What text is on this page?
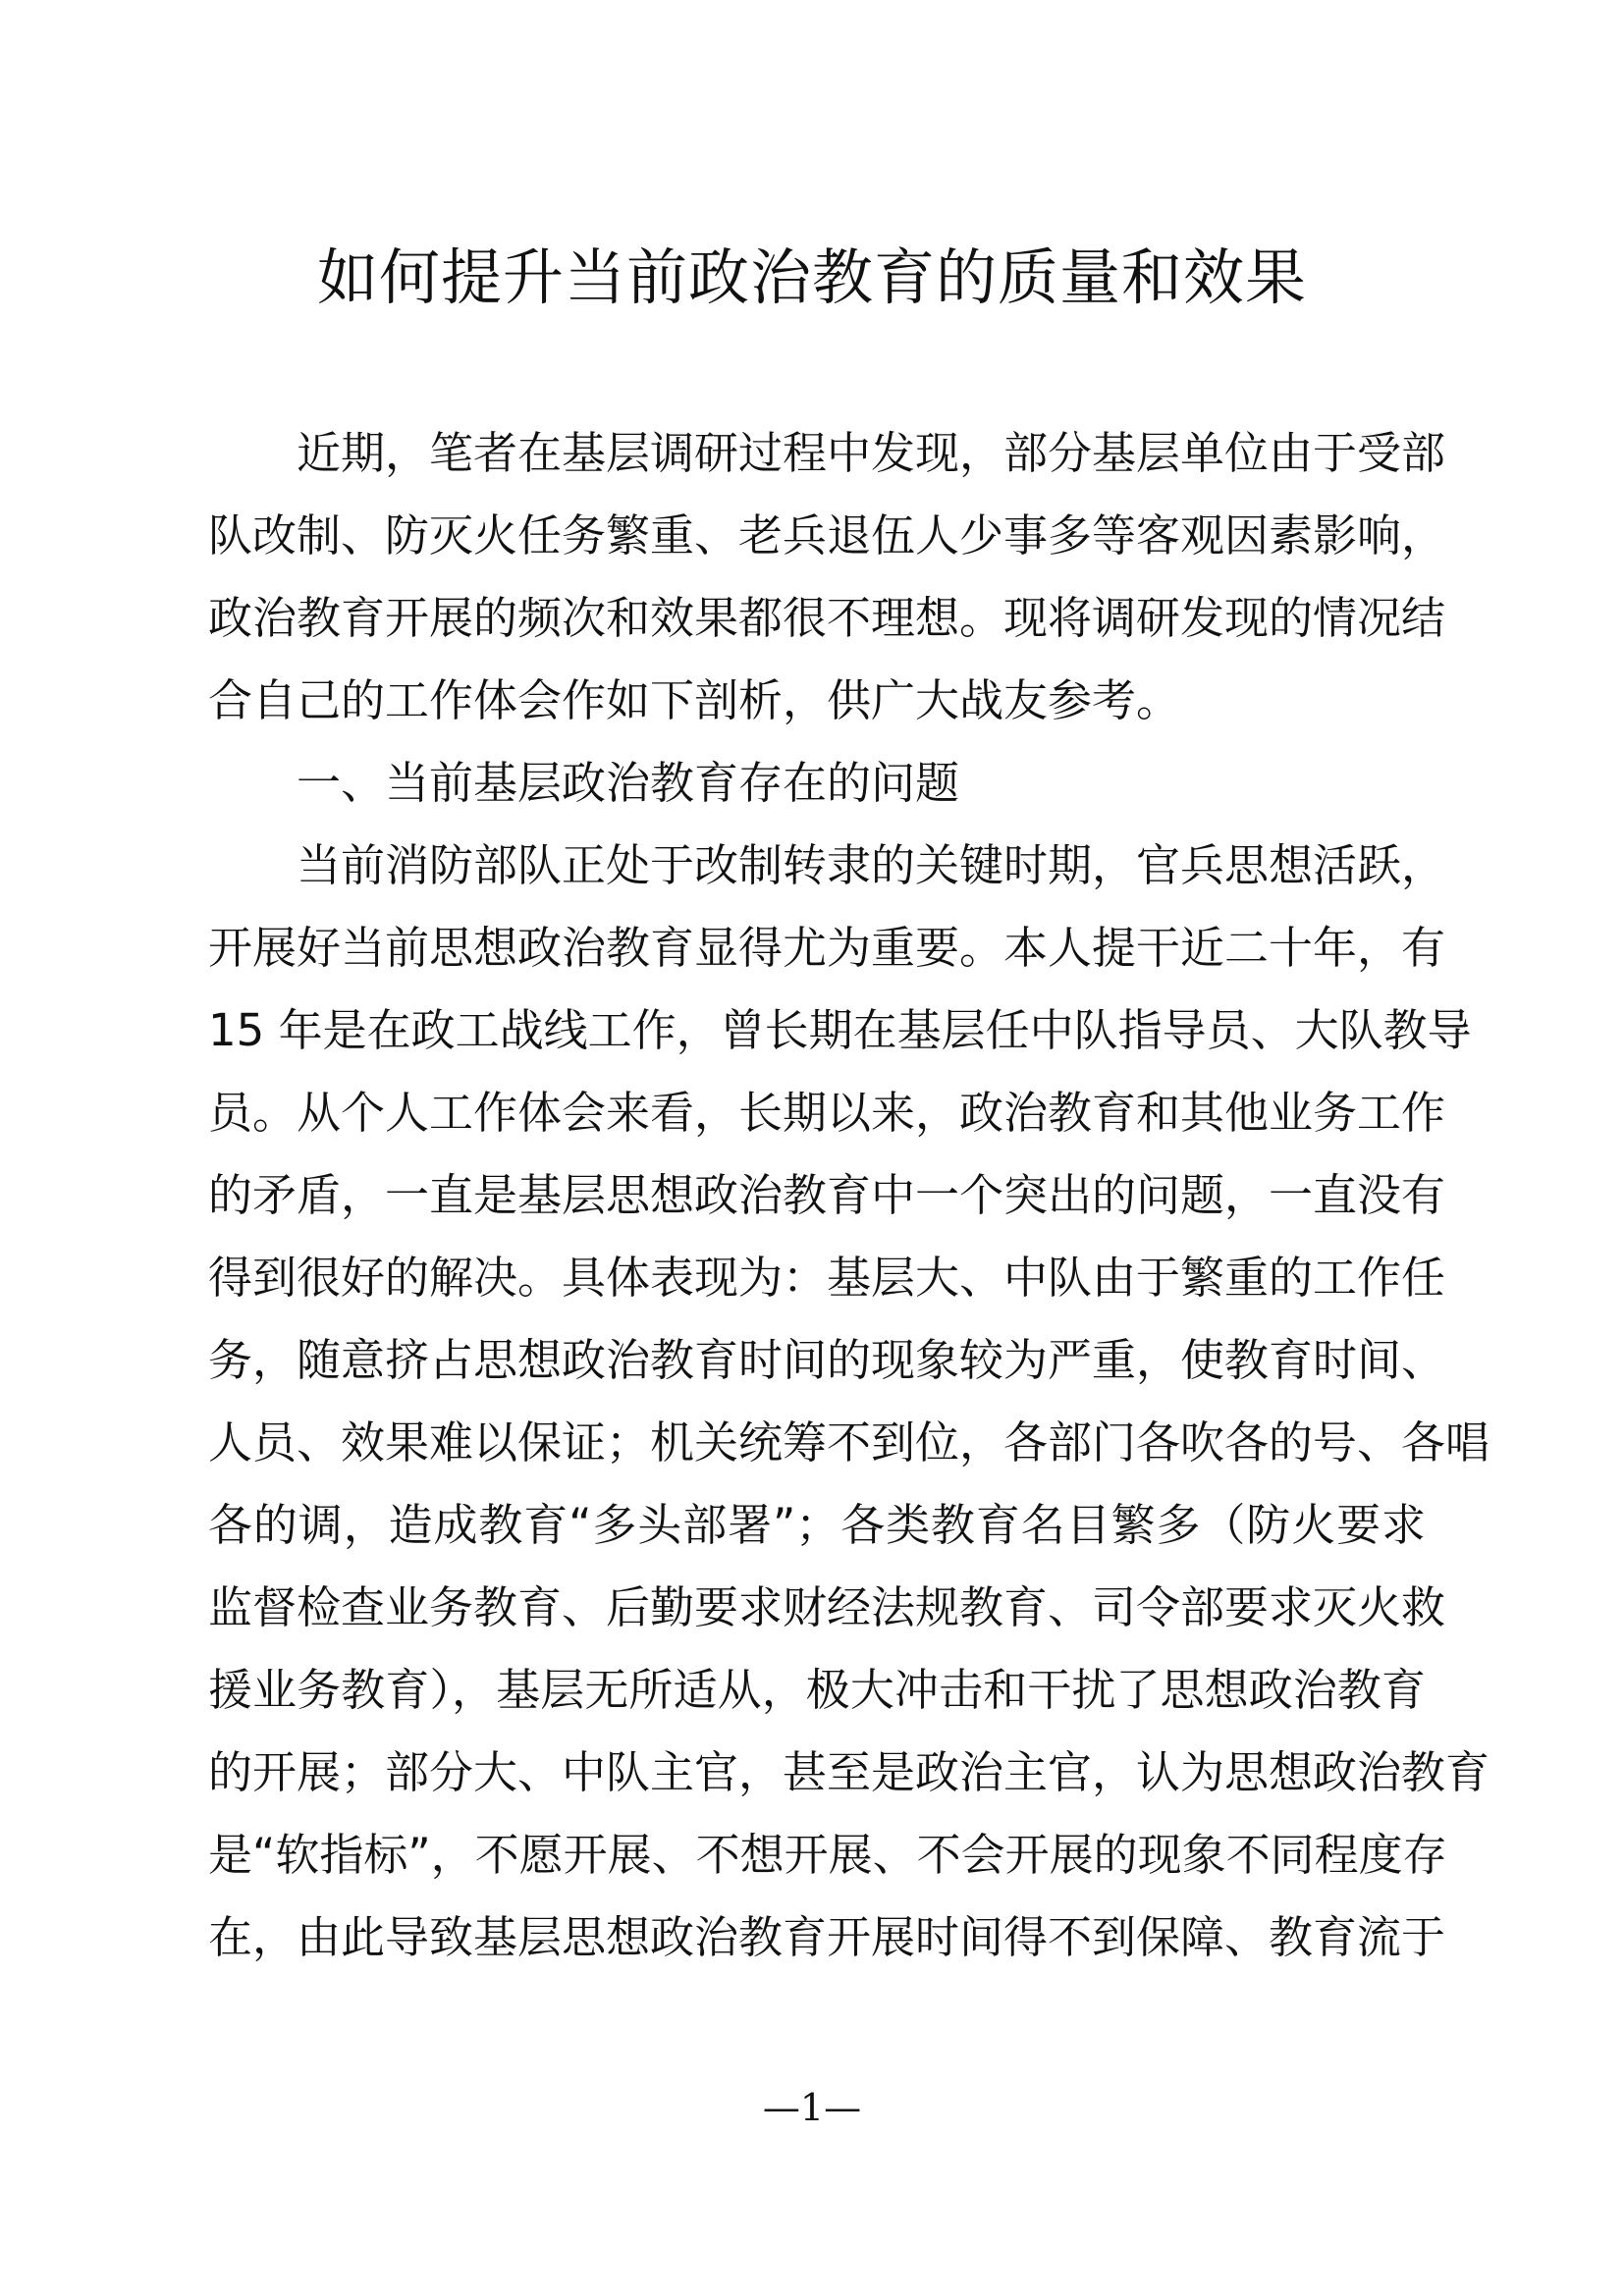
如何提升当前政治教育的质量和效果
近期，笔者在基层调研过程中发现，部分基层单位由于受部
队改制、防灭火任务繁重、老兵退伍人少事多等客观因素影响，
政治教育开展的频次和效果都很不理想。现将调研发现的情况结
合自己的工作体会作如下剖析，供广大战友参考。
一、当前基层政治教育存在的问题
当前消防部队正处于改制转隶的关键时期，官兵思想活跃，
开展好当前思想政治教育显得尤为重要。本人提干近二十年，有
15 年是在政工战线工作，曾长期在基层任中队指导员、大队教导
员。从个人工作体会来看，长期以来，政治教育和其他业务工作
的矛盾，一直是基层思想政治教育中一个突出的问题，一直没有
得到很好的解决。具体表现为：基层大、中队由于繁重的工作任
务，随意挤占思想政治教育时间的现象较为严重，使教育时间、
人员、效果难以保证；机关统筹不到位，各部门各吹各的号、各唱
各的调，造成教育“多头部署”；各类教育名目繁多（防火要求
监督检查业务教育、后勤要求财经法规教育、司令部要求灭火救
援业务教育），基层无所适从，极大冲击和干扰了思想政治教育
的开展；部分大、中队主官，甚至是政治主官，认为思想政治教育
是“软指标”，不愿开展、不想开展、不会开展的现象不同程度存
在，由此导致基层思想政治教育开展时间得不到保障、教育流于
—1—
